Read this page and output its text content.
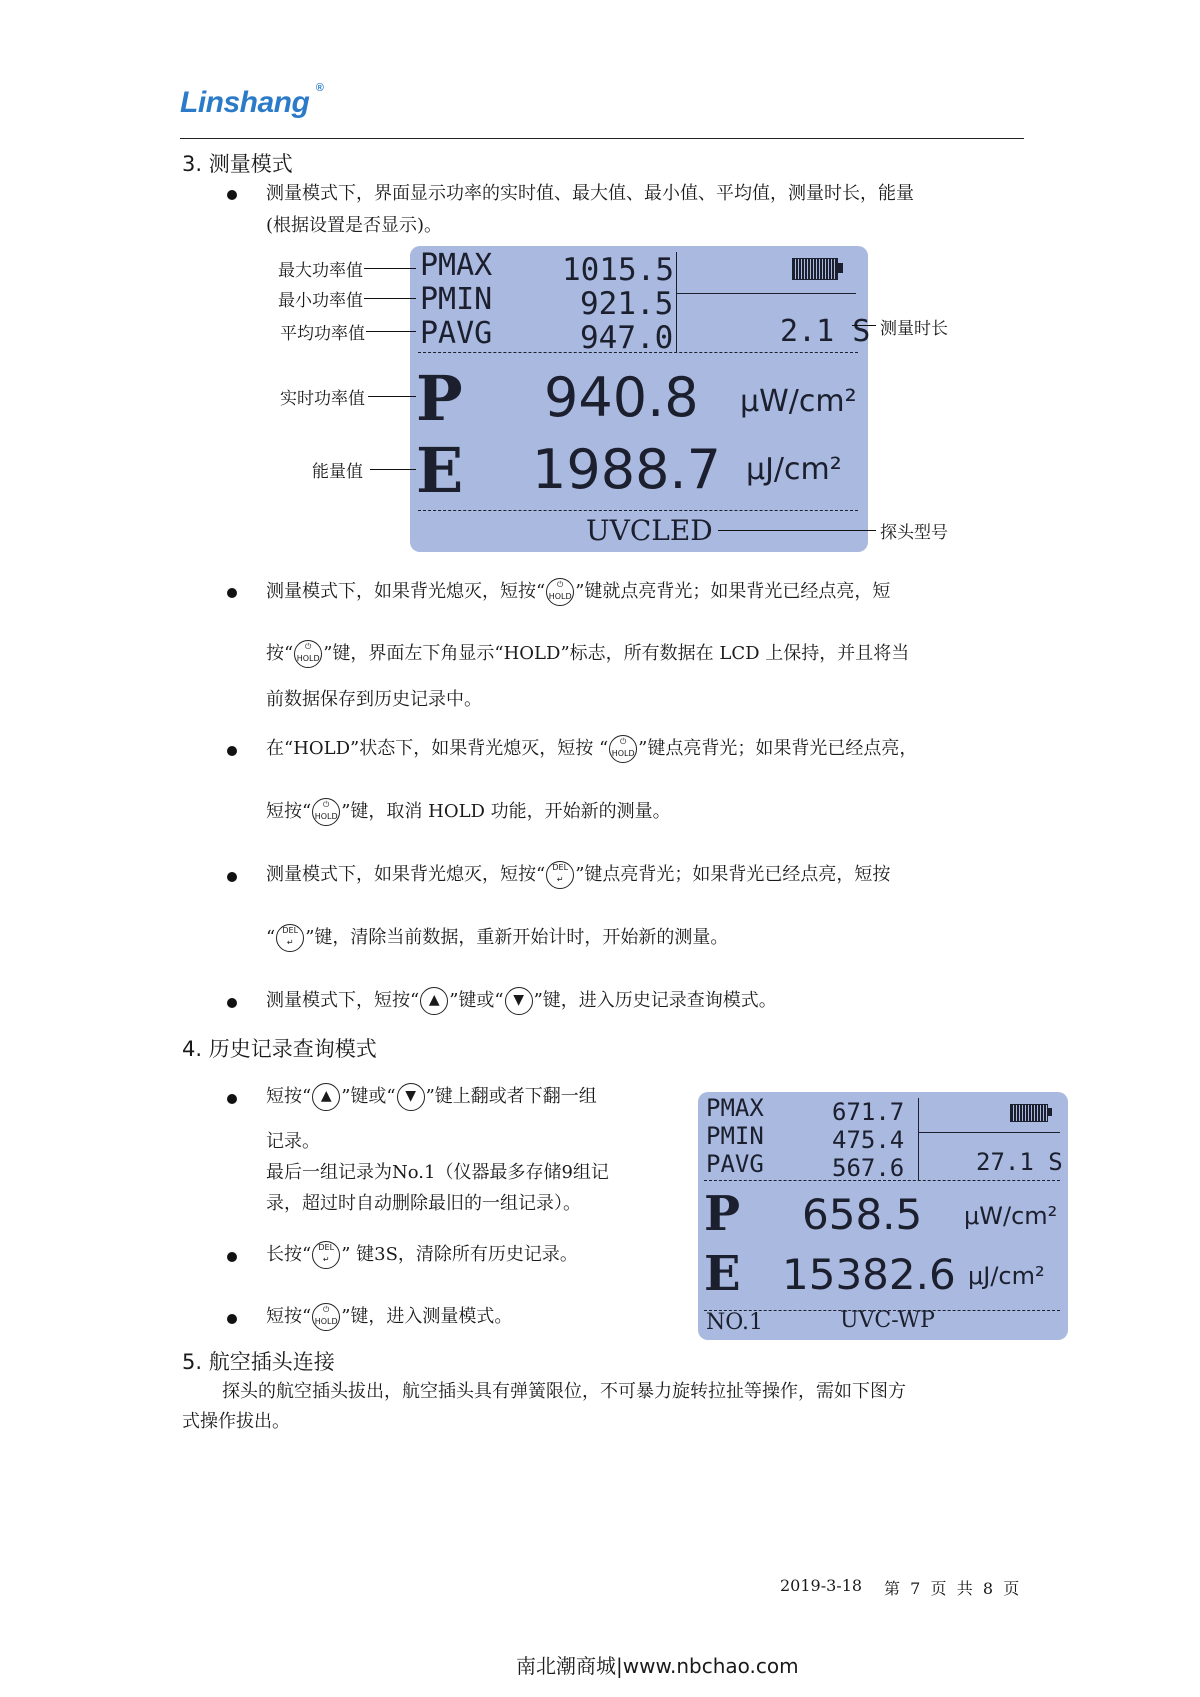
Linshang ®
3. 测量模式
测量模式下，界面显示功率的实时值、最大值、最小值、平均值，测量时长，能量
(根据设置是否显示)。
PMAX 1015.5
PMIN	921.5
PAVG	947.0	2.1 S
P 940.8 μW/cm²
E 1988.7 μJ/cm²
UVCLED
最大功率值
最小功率值
平均功率值
实时功率值
能量值
测量时长
探头型号
测量模式下，如果背光熄灭，短按“ ⏻
HOLD ”键就点亮背光；如果背光已经点亮，短
按“ ⏻
HOLD ”键，界面左下角显示“HOLD”标志，所有数据在 LCD 上保持，并且将当
前数据保存到历史记录中。
在“HOLD”状态下，如果背光熄灭，短按 “ ⏻
HOLD ”键点亮背光；如果背光已经点亮，
短按“ ⏻
HOLD ”键，取消 HOLD 功能，开始新的测量。
测量模式下，如果背光熄灭，短按“ DEL
↵ ”键点亮背光；如果背光已经点亮，短按
“ DEL
↵ ”键，清除当前数据，重新开始计时，开始新的测量。
测量模式下，短按“ ▲ ”键或“ ▼ ”键，进入历史记录查询模式。
4. 历史记录查询模式
短按“ ▲ ”键或“ ▼ ”键上翻或者下翻一组
记录。
最后一组记录为No.1（仪器最多存储9组记
录，超过时自动删除最旧的一组记录）。
长按“ DEL
↵ ” 键3S，清除所有历史记录。
短按“ ⏻
HOLD ”键，进入测量模式。
PMAX	671.7
PMIN	475.4
PAVG	567.6	27.1 S
P 658.5 μW/cm²
E 15382.6 μJ/cm²
NO.1	UVC-WP
5. 航空插头连接
探头的航空插头拔出，航空插头具有弹簧限位，不可暴力旋转拉扯等操作，需如下图方
式操作拔出。
2019-3-18 第  7  页  共  8  页
南北潮商城|www.nbchao.com
